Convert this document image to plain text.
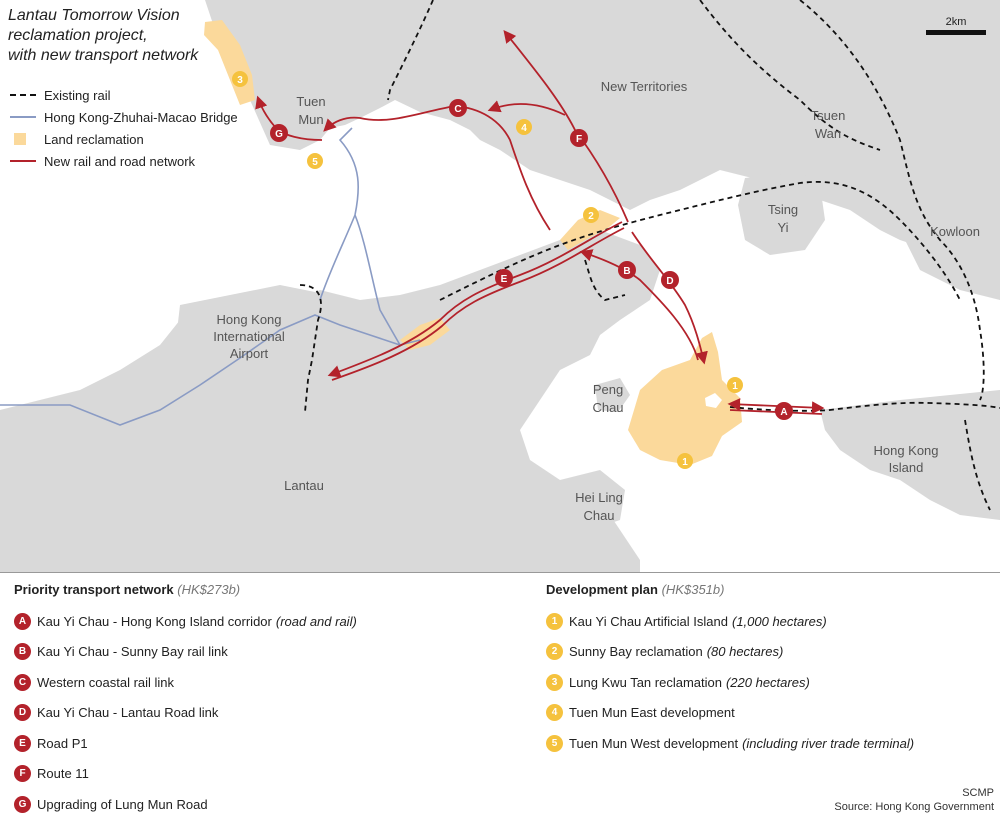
Tuen Mun
New Territories
Tsuen Wan
Tsing Yi	Kowloon
Hong Kong International Airport
Peng Chau
Hong Kong Island
Lantau
Hei Ling Chau
A
B
C
D
E
F
G
1
1
2
3
4
5
Lantau Tomorrow Vision
reclamation project,
with new transport network
Existing rail
Hong Kong-Zhuhai-Macao Bridge
Land reclamation
New rail and road network
2km
Priority transport network (HK$273b)
A Kau Yi Chau - Hong Kong Island corridor (road and rail)
B Kau Yi Chau - Sunny Bay rail link
C Western coastal rail link
D Kau Yi Chau - Lantau Road link
E Road P1
F Route 11
G Upgrading of Lung Mun Road
Development plan (HK$351b)
1 Kau Yi Chau Artificial Island (1,000 hectares)
2 Sunny Bay reclamation (80 hectares)
3 Lung Kwu Tan reclamation (220 hectares)
4 Tuen Mun East development
5 Tuen Mun West development (including river trade terminal)
SCMP
Source: Hong Kong Government
